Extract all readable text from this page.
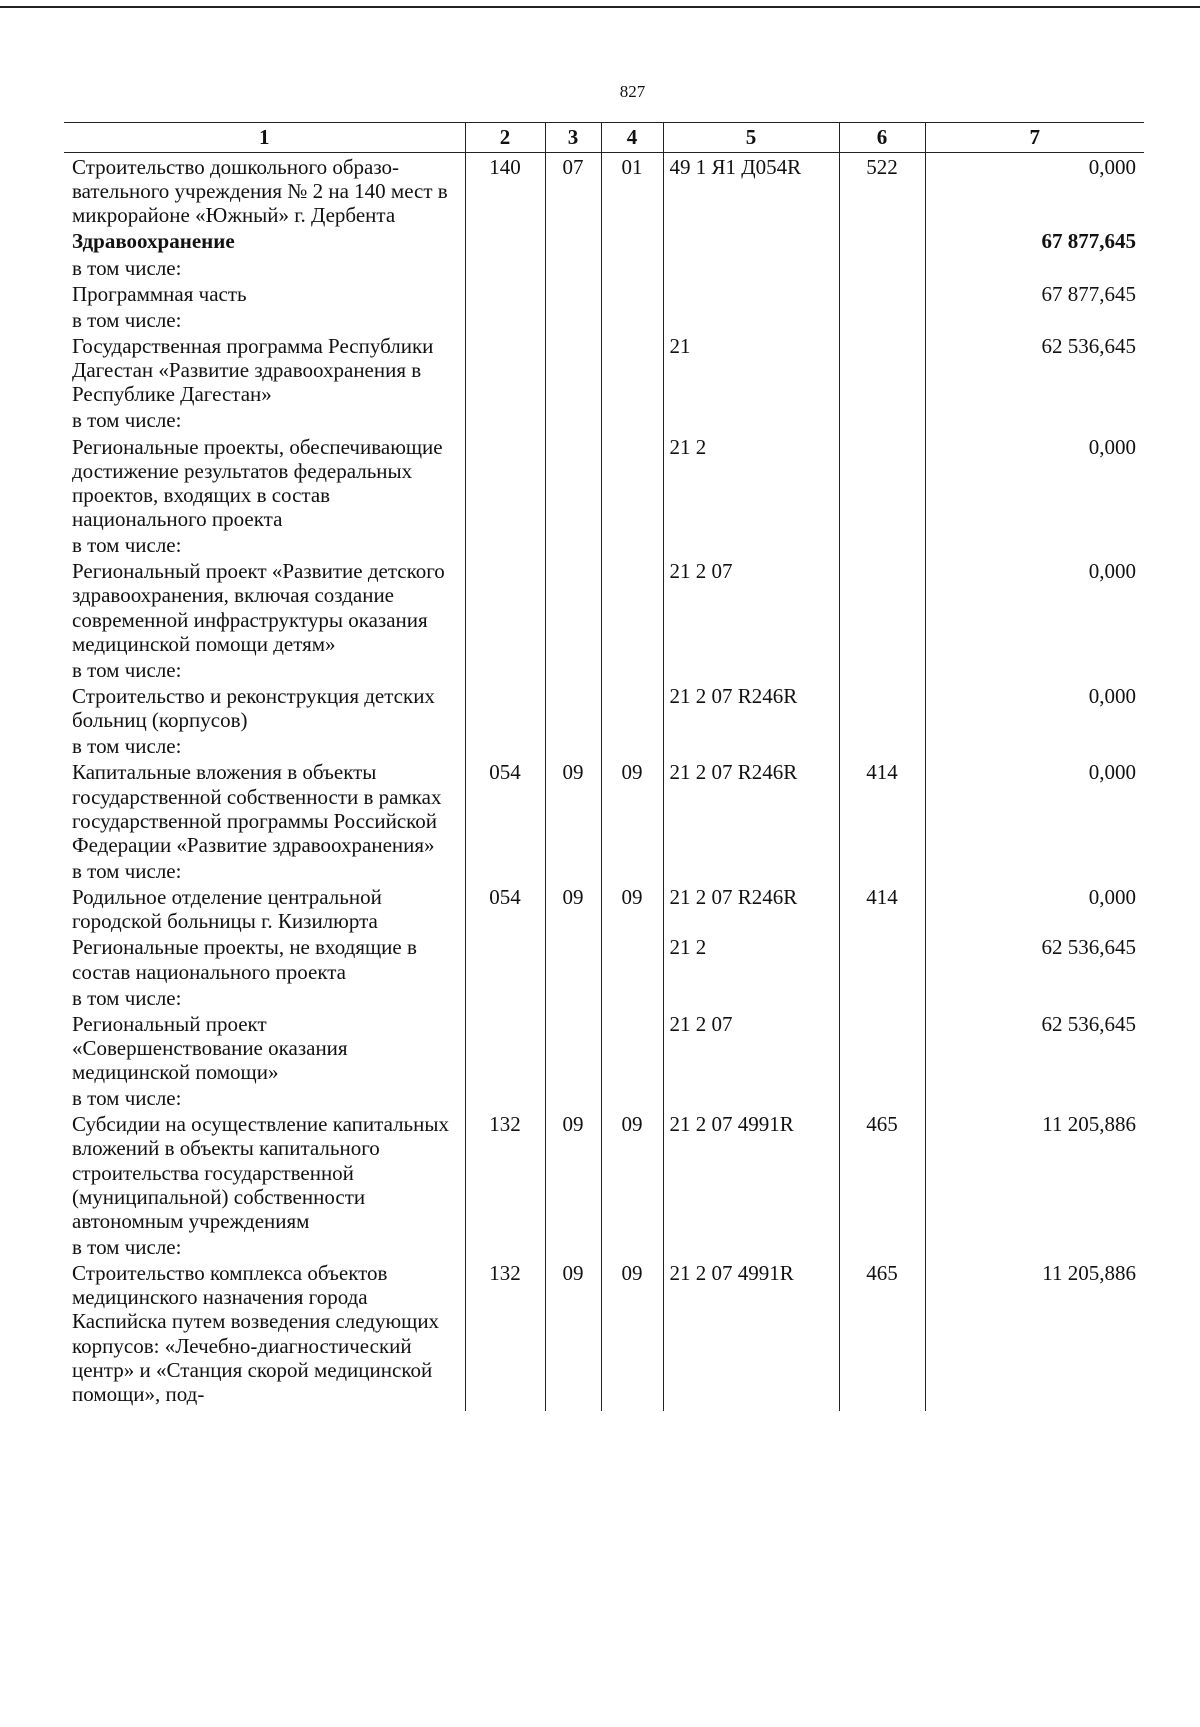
827
1	2	3	4	5	6	7
Строительство дошкольного образо-вательного учреждения № 2 на 140 мест в микрорайоне «Южный» г. Дербента	140	07	01	49 1 Я1 Д054R	522	0,000
Здравоохранение						67 877,645
в том числе:						
Программная часть						67 877,645
в том числе:						
Государственная программа Республики Дагестан «Развитие здравоохранения в Республике Дагестан»				21		62 536,645
в том числе:						
Региональные проекты, обеспечивающие достижение результатов федеральных проектов, входящих в состав национального проекта				21 2		0,000
в том числе:						
Региональный проект «Развитие детского здравоохранения, включая создание современной инфраструктуры оказания медицинской помощи детям»				21 2 07		0,000
в том числе:						
Строительство и реконструкция детских больниц (корпусов)				21 2 07 R246R		0,000
в том числе:						
Капитальные вложения в объекты государственной собственности в рамках государственной программы Российской Федерации «Развитие здравоохранения»	054	09	09	21 2 07 R246R	414	0,000
в том числе:						
Родильное отделение центральной городской больницы г. Кизилюрта	054	09	09	21 2 07 R246R	414	0,000
Региональные проекты, не входящие в состав национального проекта				21 2		62 536,645
в том числе:						
Региональный проект «Совершенствование оказания медицинской помощи»				21 2 07		62 536,645
в том числе:						
Субсидии на осуществление капитальных вложений в объекты капитального строительства государственной (муниципальной) собственности автономным учреждениям	132	09	09	21 2 07 4991R	465	11 205,886
в том числе:						
Строительство комплекса объектов медицинского назначения города Каспийска путем возведения следующих корпусов: «Лечебно-диагностический центр» и «Станция скорой медицинской помощи», под-	132	09	09	21 2 07 4991R	465	11 205,886
